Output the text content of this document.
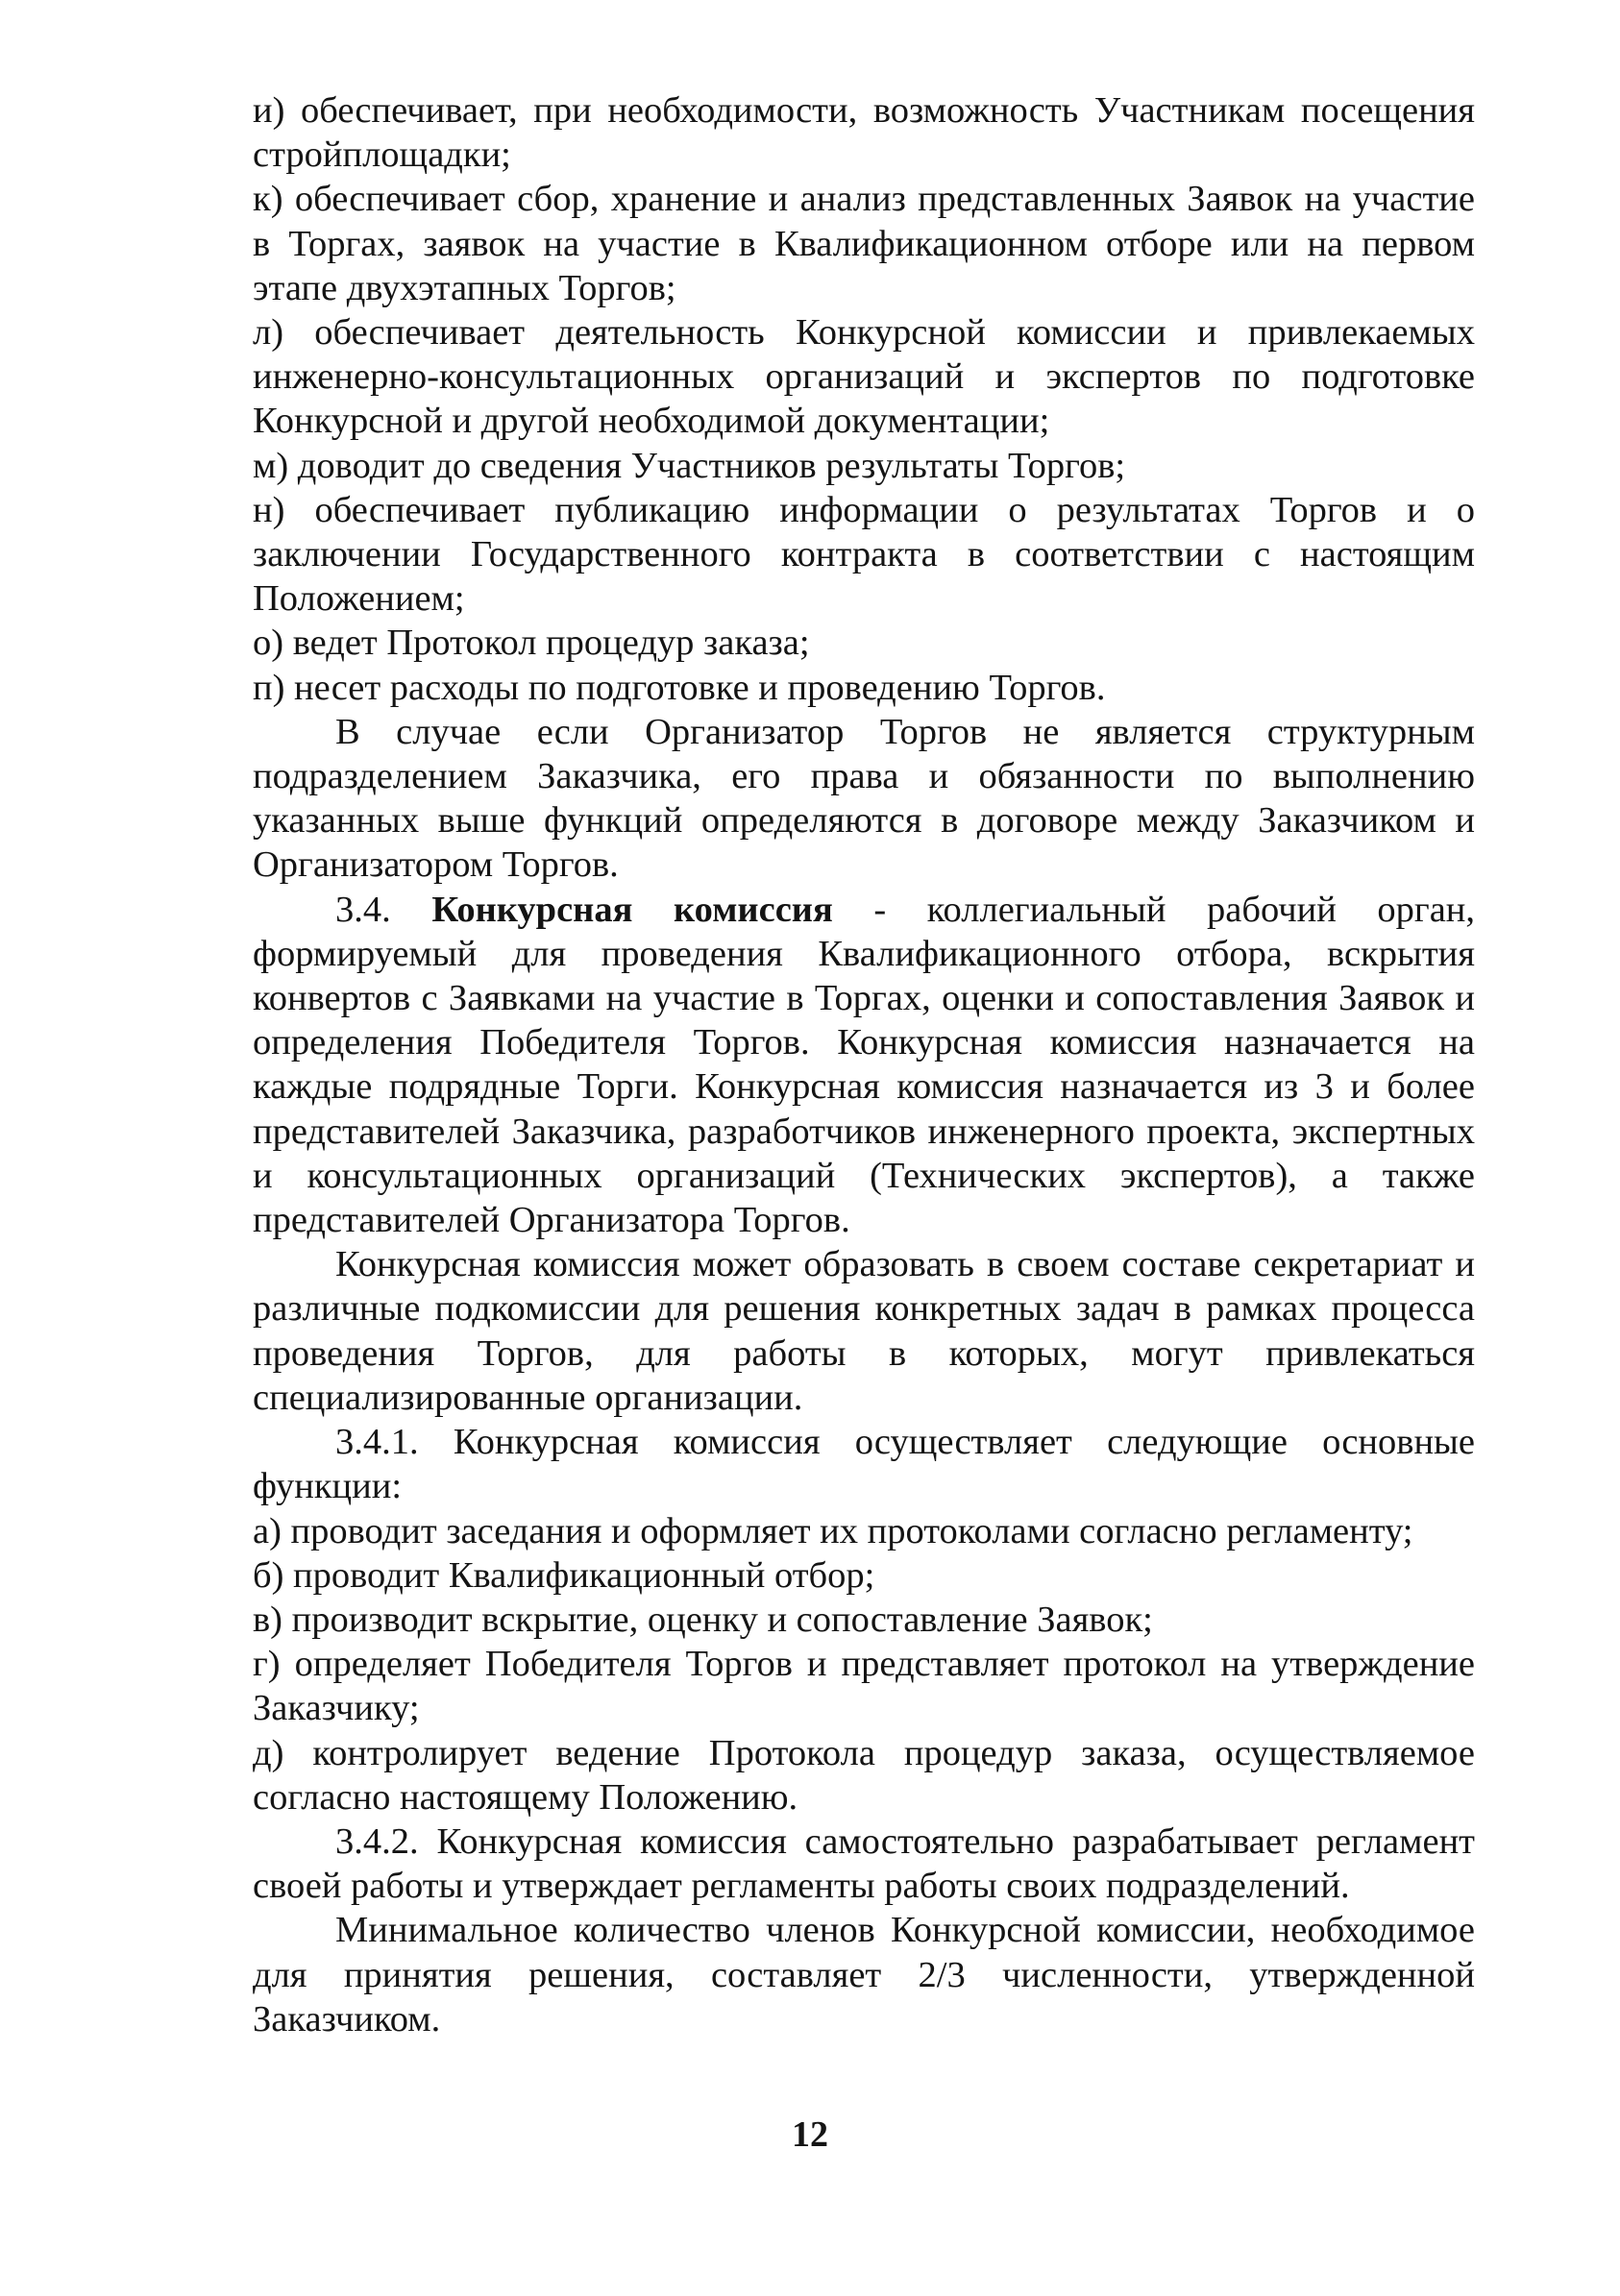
и) обеспечивает, при необходимости, возможность Участникам посещения стройплощадки;

к) обеспечивает сбор, хранение и анализ представленных Заявок на участие в Торгах, заявок на участие в Квалификационном отборе или на первом этапе двухэтапных Торгов;

л) обеспечивает деятельность Конкурсной комиссии и привлекаемых инженерно-консультационных организаций и экспертов по подготовке Конкурсной и другой необходимой документации;

м) доводит до сведения Участников результаты Торгов;

н) обеспечивает публикацию информации о результатах Торгов и о заключении Государственного контракта в соответствии с настоящим Положением;

о) ведет Протокол процедур заказа;

п) несет расходы по подготовке и проведению Торгов.

В случае если Организатор Торгов не является структурным подразделением Заказчика, его права и обязанности по выполнению указанных выше функций определяются в договоре между Заказчиком и Организатором Торгов.

3.4. Конкурсная комиссия - коллегиальный рабочий орган, формируемый для проведения Квалификационного отбора, вскрытия конвертов с Заявками на участие в Торгах, оценки и сопоставления Заявок и определения Победителя Торгов. Конкурсная комиссия назначается на каждые подрядные Торги. Конкурсная комиссия назначается из 3 и более представителей Заказчика, разработчиков инженерного проекта, экспертных и консультационных организаций (Технических экспертов), а также представителей Организатора Торгов.

Конкурсная комиссия может образовать в своем составе секретариат и различные подкомиссии для решения конкретных задач в рамках процесса проведения Торгов, для работы в которых, могут привлекаться специализированные организации.

3.4.1. Конкурсная комиссия осуществляет следующие основные функции:

а) проводит заседания и оформляет их протоколами согласно регламенту;

б) проводит Квалификационный отбор;

в) производит вскрытие, оценку и сопоставление Заявок;

г) определяет Победителя Торгов и представляет протокол на утверждение Заказчику;

д) контролирует ведение Протокола процедур заказа, осуществляемое согласно настоящему Положению.

3.4.2. Конкурсная комиссия самостоятельно разрабатывает регламент своей работы и утверждает регламенты работы своих подразделений.

Минимальное количество членов Конкурсной комиссии, необходимое для принятия решения, составляет 2/3 численности, утвержденной Заказчиком.

12
